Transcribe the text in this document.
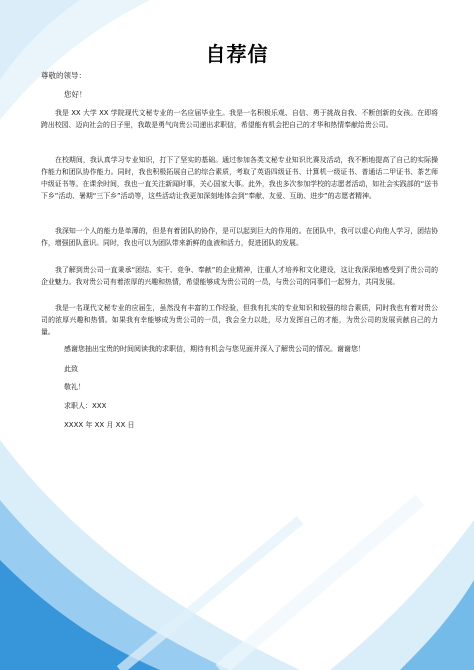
自荐信
尊敬的领导：
您好！
我是 XX 大学 XX 学院现代文秘专业的一名应届毕业生。我是一名积极乐观、自信、勇于挑战自我、不断创新的女孩。在即将跨出校园、迈向社会的日子里，我敢是勇气向贵公司递出求职信，希望能有机会把自己的才华和热情奉献给贵公司。
在校期间，我认真学习专业知识，打下了坚实的基础。通过参加各类文秘专业知识比赛及活动，我不断地提高了自己的实际操作能力和团队协作能力。同时，我也积极拓展自己的综合素质，考取了英语四级证书、计算机一级证书、普通话二甲证书、茶艺师中级证书等。在课余时间，我也一直关注新闻时事，关心国家大事。此外，我也多次参加学校的志愿者活动，如社会实践部的“送书下乡”活动、暑期“三下乡”活动等，这些活动让我更加深刻地体会到“奉献、友爱、互助、进步”的志愿者精神。
我深知一个人的能力是单薄的，但是有着团队的协作，是可以起到巨大的作用的。在团队中，我可以虚心向他人学习，团结协作，增强团队意识。同时，我也可以为团队带来新鲜的血液和活力，促进团队的发展。
我了解到贵公司一直秉承“团结、实干、竞争、奉献”的企业精神，注重人才培养和文化建设，这让我深深地感受到了贵公司的企业魅力。我对贵公司有着浓厚的兴趣和热情，希望能够成为贵公司的一员，与贵公司的同事们一起努力，共同发展。
我是一名现代文秘专业的应届生，虽然没有丰富的工作经验，但我有扎实的专业知识和较强的综合素质，同时我也有着对贵公司的浓厚兴趣和热情。如果我有幸能够成为贵公司的一员，我会全力以赴，尽力发挥自己的才能，为贵公司的发展贡献自己的力量。
感谢您抽出宝贵的时间阅读我的求职信，期待有机会与您见面并深入了解贵公司的情况。谢谢您！
此致
敬礼！
求职人：XXX
XXXX 年 XX 月 XX 日
